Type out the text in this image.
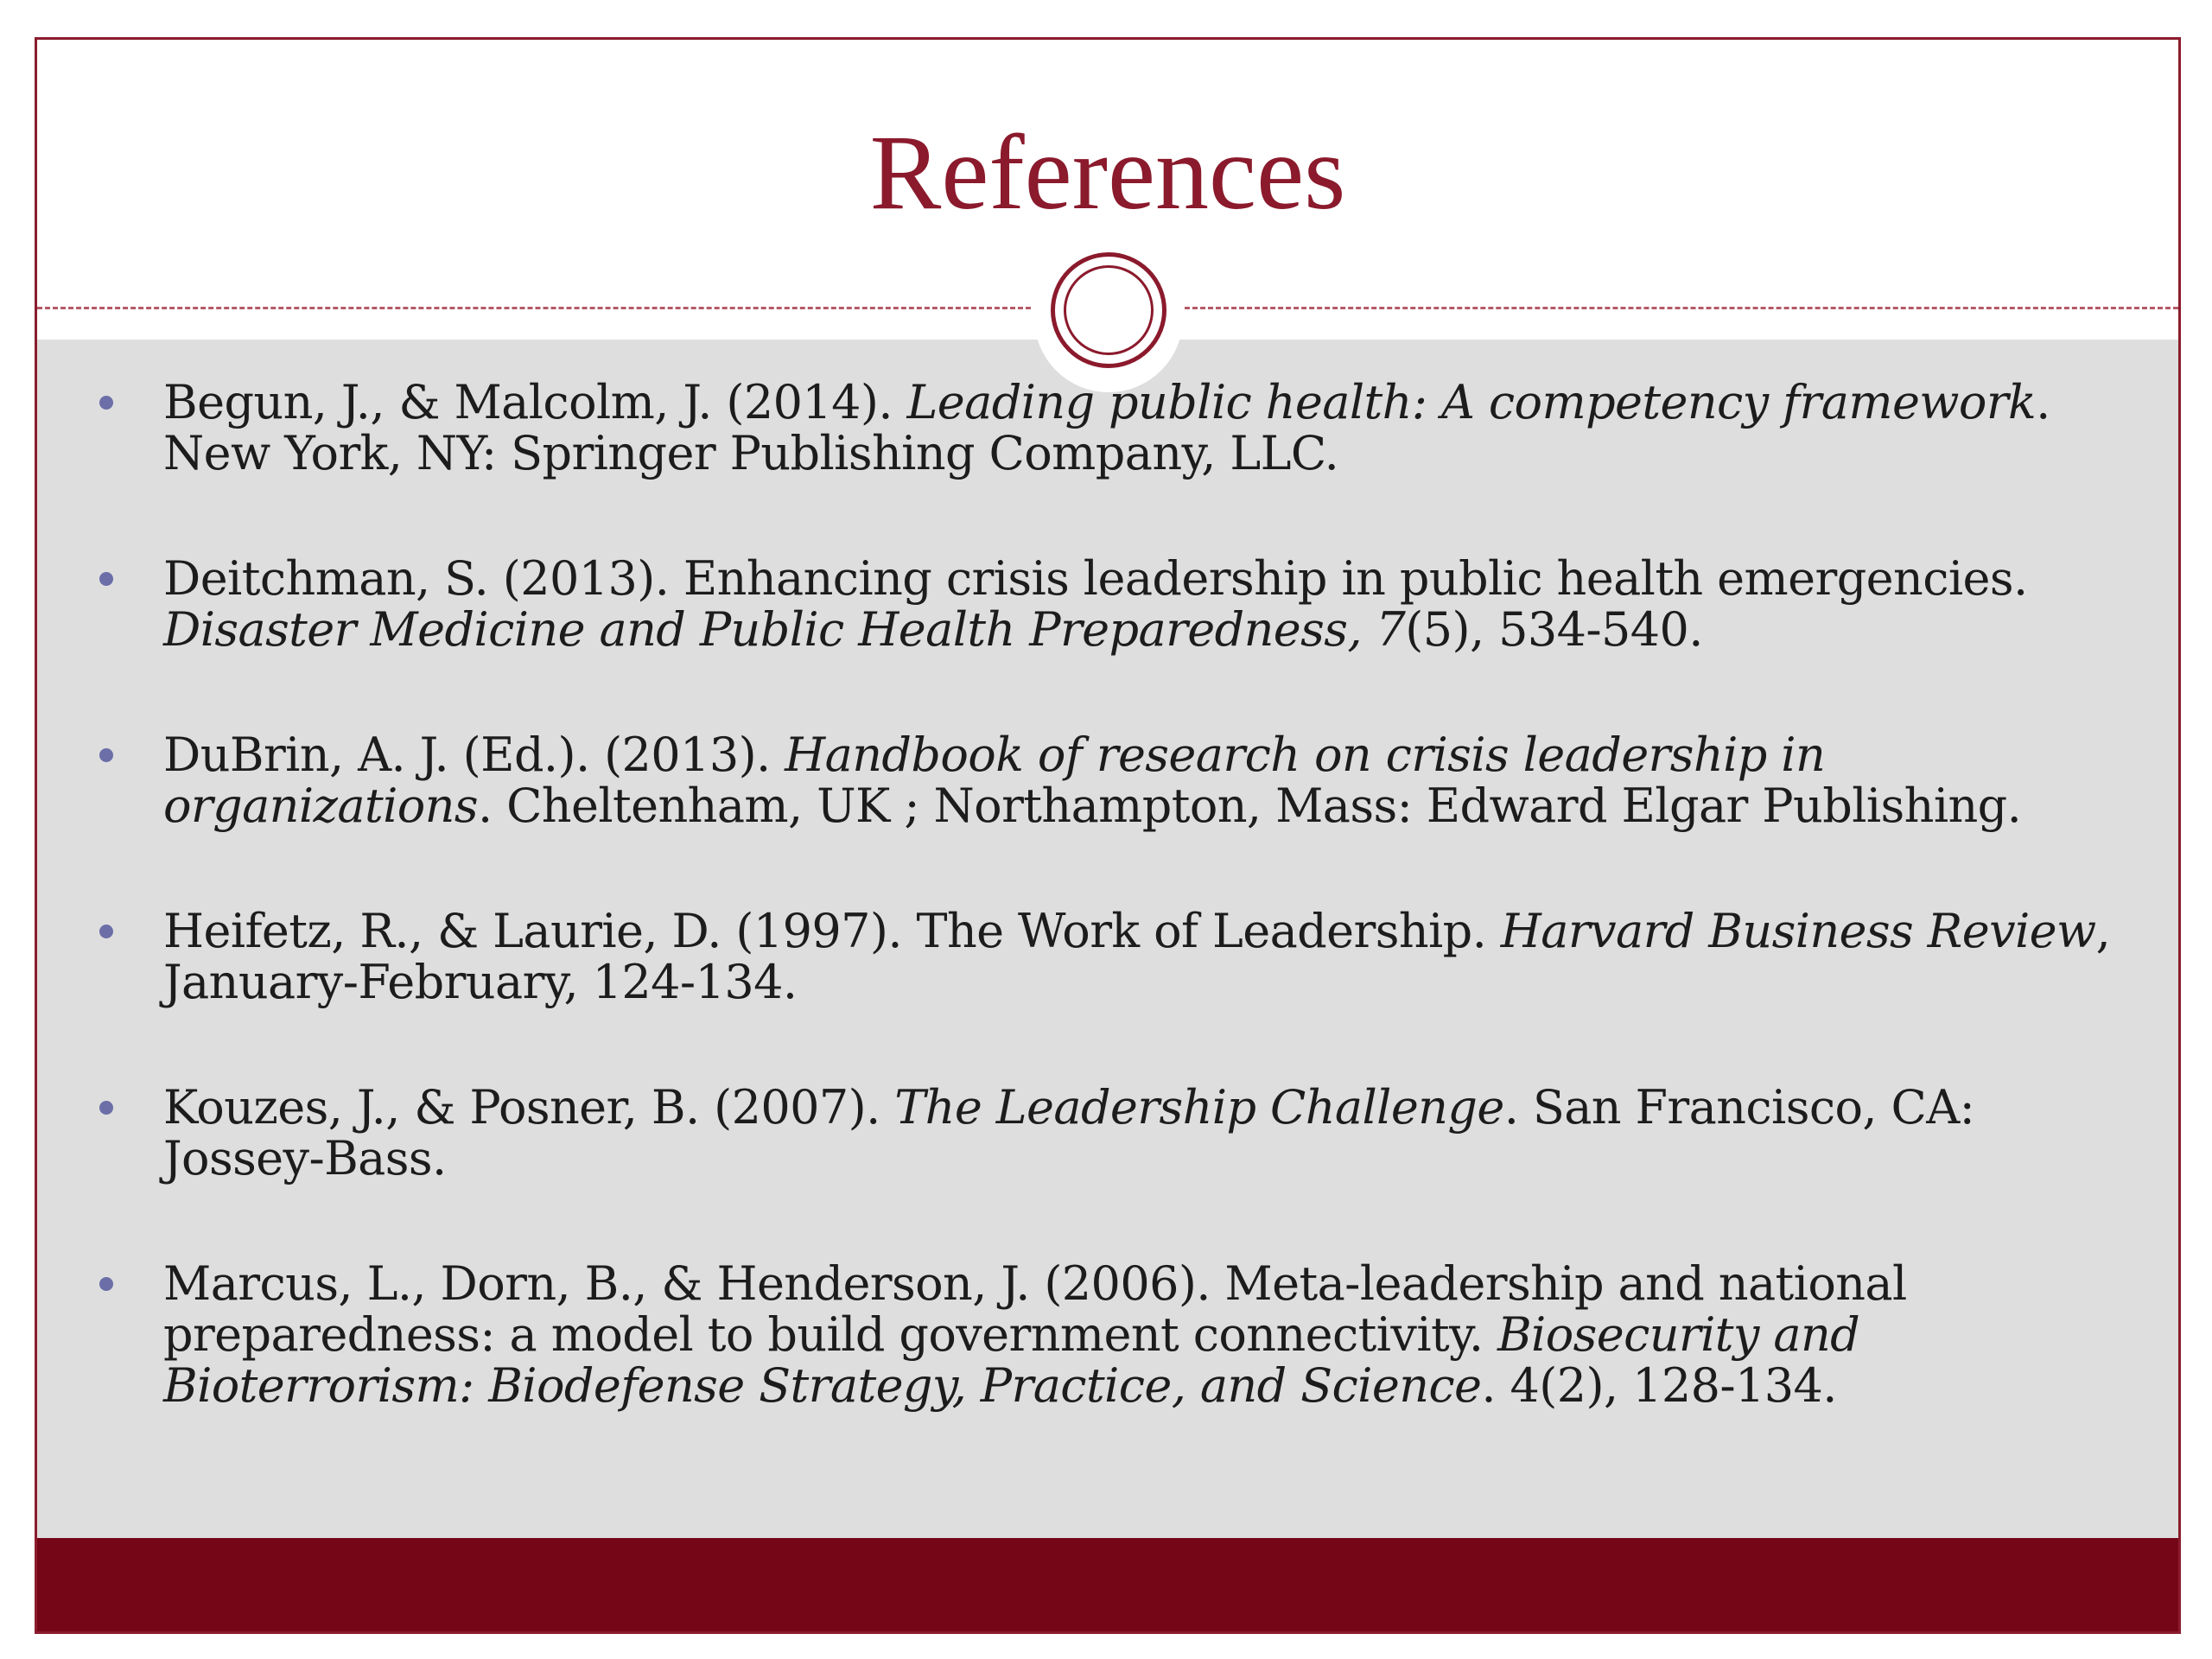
References
Begun, J., & Malcolm, J. (2014). Leading public health: A competency framework. New York, NY: Springer Publishing Company, LLC.
Deitchman, S. (2013). Enhancing crisis leadership in public health emergencies. Disaster Medicine and Public Health Preparedness, 7(5), 534-540.
DuBrin, A. J. (Ed.). (2013). Handbook of research on crisis leadership in organizations. Cheltenham, UK ; Northampton, Mass: Edward Elgar Publishing.
Heifetz, R., & Laurie, D. (1997). The Work of Leadership. Harvard Business Review, January-February, 124-134.
Kouzes, J., & Posner, B. (2007). The Leadership Challenge. San Francisco, CA: Jossey-Bass.
Marcus, L., Dorn, B., & Henderson, J. (2006). Meta-leadership and national preparedness: a model to build government connectivity. Biosecurity and Bioterrorism: Biodefense Strategy, Practice, and Science. 4(2), 128-134.
